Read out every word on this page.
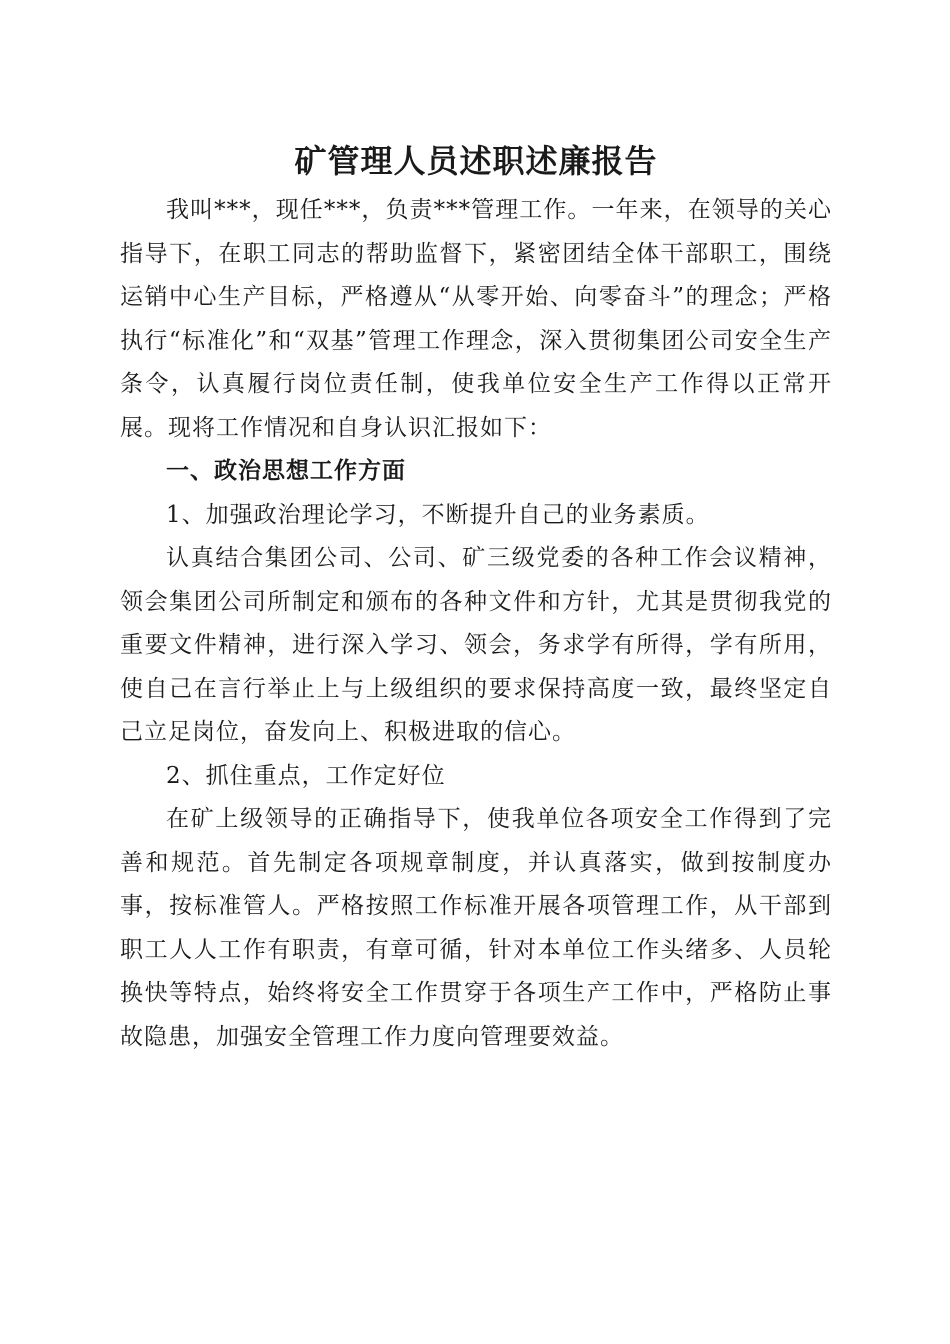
矿管理人员述职述廉报告

我叫***，现任***，负责***管理工作。一年来，在领导的关心指导下，在职工同志的帮助监督下，紧密团结全体干部职工，围绕运销中心生产目标，严格遵从“从零开始、向零奋斗”的理念；严格执行“标准化”和“双基”管理工作理念，深入贯彻集团公司安全生产条令，认真履行岗位责任制，使我单位安全生产工作得以正常开展。现将工作情况和自身认识汇报如下：

一、政治思想工作方面

1、加强政治理论学习，不断提升自己的业务素质。

认真结合集团公司、公司、矿三级党委的各种工作会议精神，领会集团公司所制定和颁布的各种文件和方针，尤其是贯彻我党的重要文件精神，进行深入学习、领会，务求学有所得，学有所用，使自己在言行举止上与上级组织的要求保持高度一致，最终坚定自己立足岗位，奋发向上、积极进取的信心。

2、抓住重点，工作定好位

在矿上级领导的正确指导下，使我单位各项安全工作得到了完善和规范。首先制定各项规章制度，并认真落实，做到按制度办事，按标准管人。严格按照工作标准开展各项管理工作，从干部到职工人人工作有职责，有章可循，针对本单位工作头绪多、人员轮换快等特点，始终将安全工作贯穿于各项生产工作中，严格防止事故隐患，加强安全管理工作力度向管理要效益。
